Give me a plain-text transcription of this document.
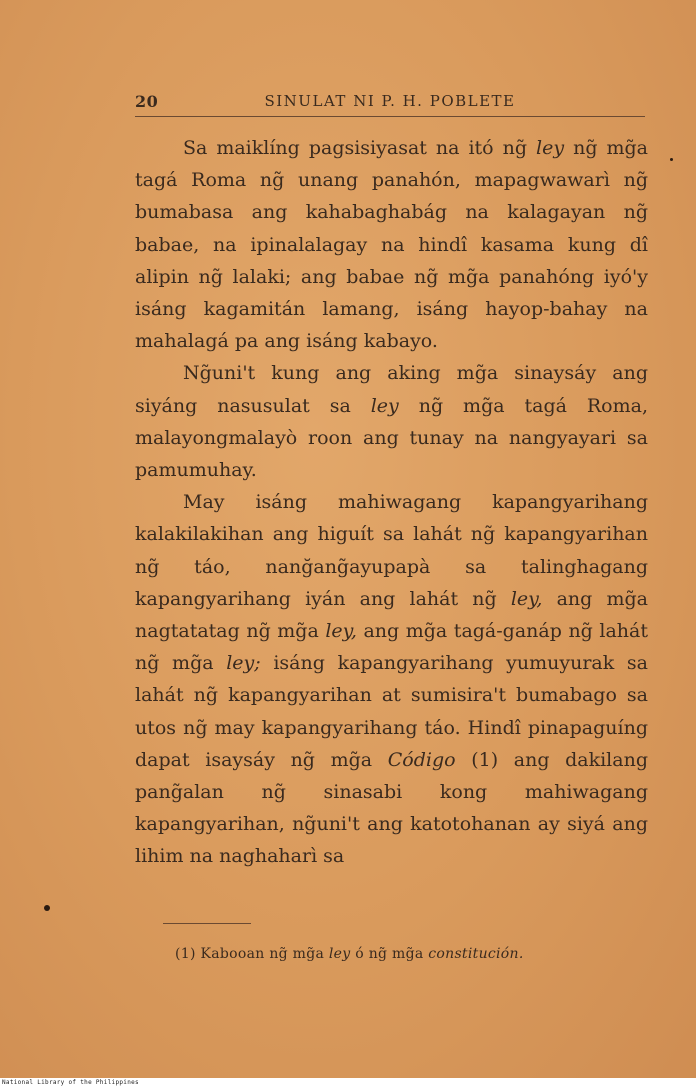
20	SINULAT NI P. H. POBLETE

Sa maiklíng pagsisiyasat na itó ng̃ ley ng̃ mg̃a tagá Roma ng̃ unang panahón, mapagwawarì ng̃ bumabasa ang kahabaghabág na kalagayan ng̃ babae, na ipinalalagay na hindî kasama kung dî alipin ng̃ lalaki; ang babae ng̃ mg̃a panahóng iyó'y isáng kagamitán lamang, isáng hayop-bahay na mahalagá pa ang isáng kabayo.

Ng̃uni't kung ang aking mg̃a sinaysáy ang siyáng nasusulat sa ley ng̃ mg̃a tagá Roma, malayongmalayò roon ang tunay na nangyayari sa pamumuhay.

May isáng mahiwagang kapangyarihang kalakilakihan ang higuít sa lahát ng̃ kapangyarihan ng̃ táo, nanğang̃ayupapà sa talinghagang kapangyarihang iyán ang lahát ng̃ ley, ang mg̃a nagtatatag ng̃ mg̃a ley, ang mg̃a tagá-ganáp ng̃ lahát ng̃ mg̃a ley; isáng kapangyarihang yumuyurak sa lahát ng̃ kapangyarihan at sumisira't bumabago sa utos ng̃ may kapangyarihang táo. Hindî pinapaguíng dapat isaysáy ng̃ mg̃a Código (1) ang dakilang pang̃alan ng̃ sinasabi kong mahiwagang kapangyarihan, ng̃uni't ang katotohanan ay siyá ang lihim na naghaharì sa

(1) Kabooan ng̃ mg̃a ley ó ng̃ mg̃a constitución.
National Library of the Philippines
